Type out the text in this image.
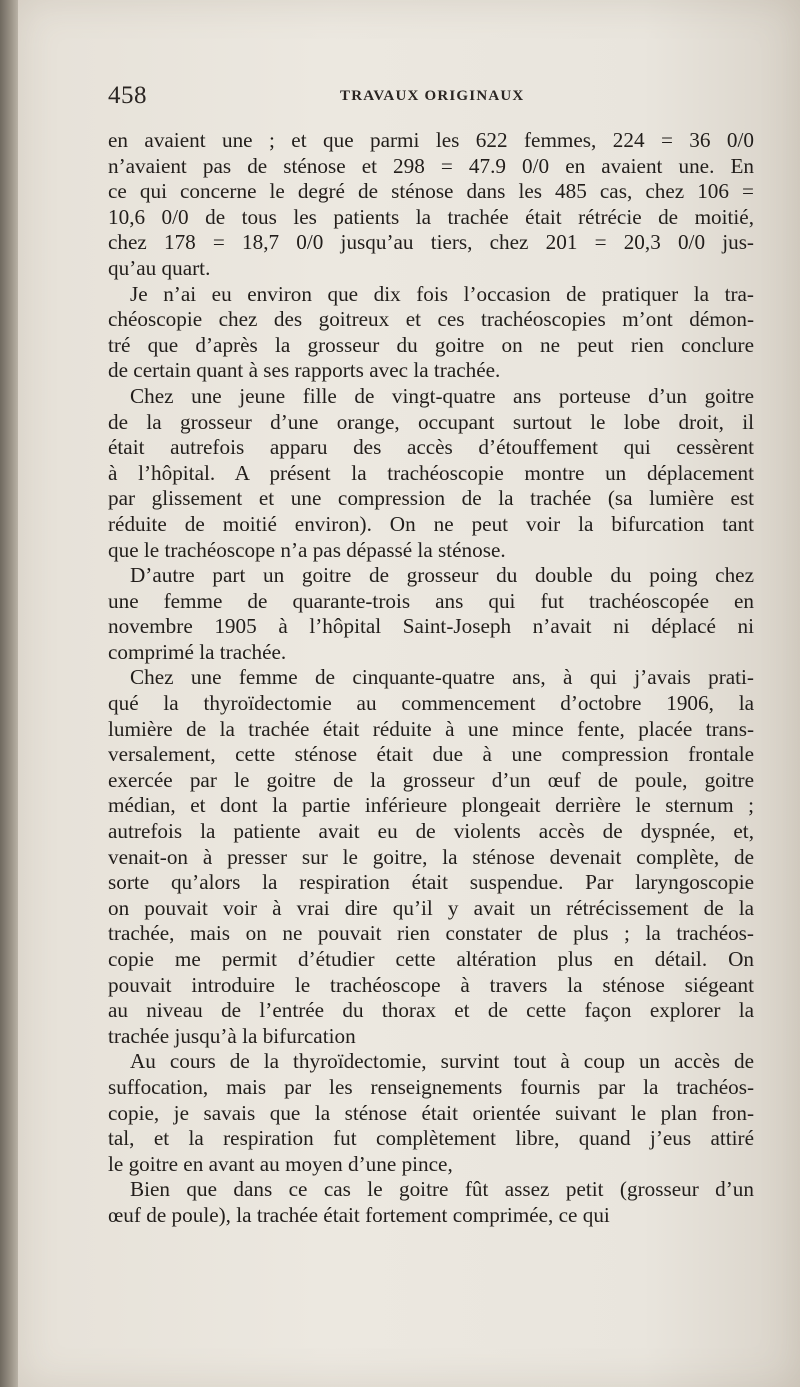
458	TRAVAUX ORIGINAUX
en avaient une ; et que parmi les 622 femmes, 224 = 36 0/0
n’avaient pas de sténose et 298 = 47.9 0/0 en avaient une. En
ce qui concerne le degré de sténose dans les 485 cas, chez 106 =
10,6 0/0 de tous les patients la trachée était rétrécie de moitié,
chez 178 = 18,7 0/0 jusqu’au tiers, chez 201 = 20,3 0/0 jus-
qu’au quart.
Je n’ai eu environ que dix fois l’occasion de pratiquer la tra-
chéoscopie chez des goitreux et ces trachéoscopies m’ont démon-
tré que d’après la grosseur du goitre on ne peut rien conclure
de certain quant à ses rapports avec la trachée.
Chez une jeune fille de vingt-quatre ans porteuse d’un goitre
de la grosseur d’une orange, occupant surtout le lobe droit, il
était autrefois apparu des accès d’étouffement qui cessèrent
à l’hôpital. A présent la trachéoscopie montre un déplacement
par glissement et une compression de la trachée (sa lumière est
réduite de moitié environ). On ne peut voir la bifurcation tant
que le trachéoscope n’a pas dépassé la sténose.
D’autre part un goitre de grosseur du double du poing chez
une femme de quarante-trois ans qui fut trachéoscopée en
novembre 1905 à l’hôpital Saint-Joseph n’avait ni déplacé ni
comprimé la trachée.
Chez une femme de cinquante-quatre ans, à qui j’avais prati-
qué la thyroïdectomie au commencement d’octobre 1906, la
lumière de la trachée était réduite à une mince fente, placée trans-
versalement, cette sténose était due à une compression frontale
exercée par le goitre de la grosseur d’un œuf de poule, goitre
médian, et dont la partie inférieure plongeait derrière le sternum ;
autrefois la patiente avait eu de violents accès de dyspnée, et,
venait-on à presser sur le goitre, la sténose devenait complète, de
sorte qu’alors la respiration était suspendue. Par laryngoscopie
on pouvait voir à vrai dire qu’il y avait un rétrécissement de la
trachée, mais on ne pouvait rien constater de plus ; la trachéos-
copie me permit d’étudier cette altération plus en détail. On
pouvait introduire le trachéoscope à travers la sténose siégeant
au niveau de l’entrée du thorax et de cette façon explorer la
trachée jusqu’à la bifurcation
Au cours de la thyroïdectomie, survint tout à coup un accès de
suffocation, mais par les renseignements fournis par la trachéos-
copie, je savais que la sténose était orientée suivant le plan fron-
tal, et la respiration fut complètement libre, quand j’eus attiré
le goitre en avant au moyen d’une pince,
Bien que dans ce cas le goitre fût assez petit (grosseur d’un
œuf de poule), la trachée était fortement comprimée, ce qui
